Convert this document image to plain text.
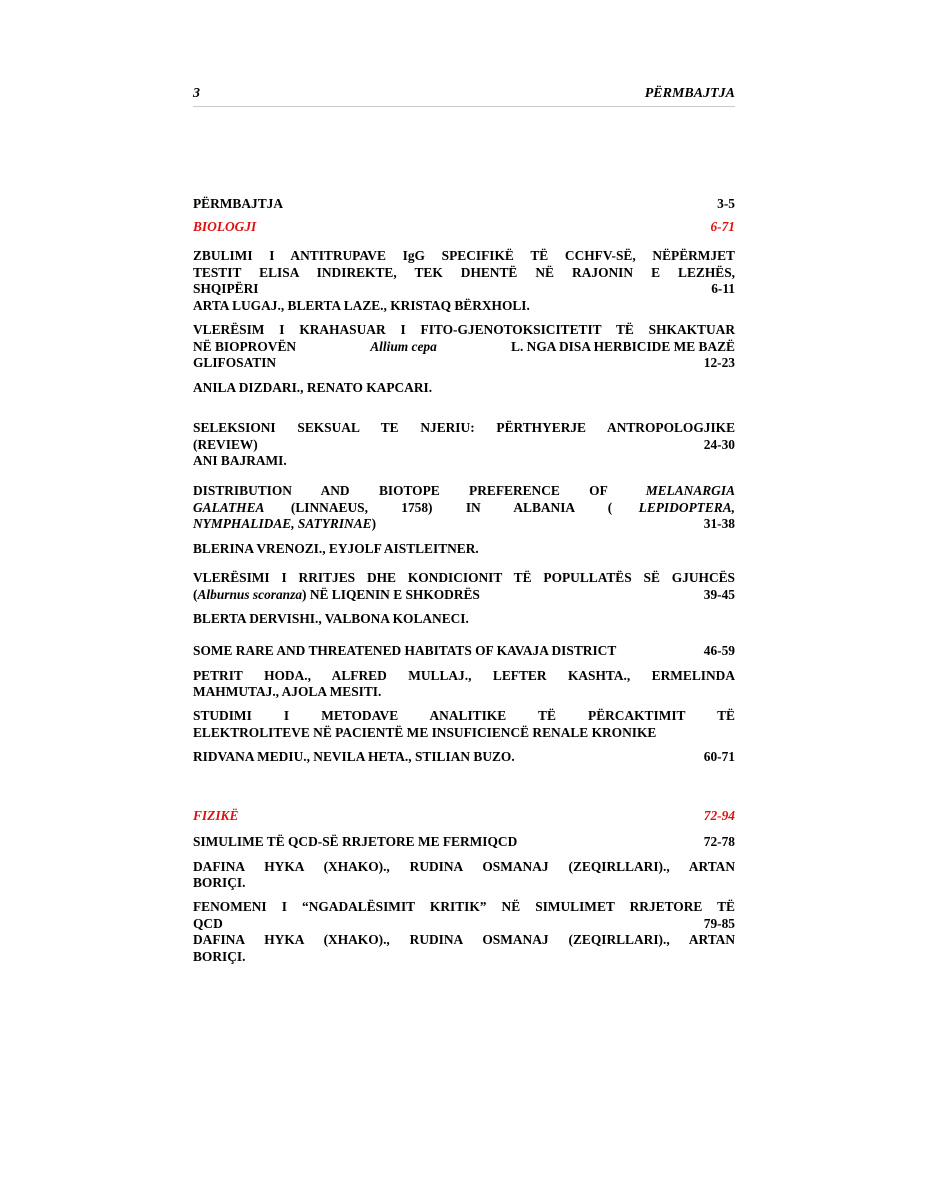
3	PËRMBAJTJA
PËRMBAJTJA	3-5
BIOLOGJI	6-71
ZBULIMI I ANTITRUPAVE IgG SPECIFIKË TË CCHFV-SË, NËPËRMJET
TESTIT ELISA INDIREKTE, TEK DHENTË NË RAJONIN E LEZHËS,
SHQIPËRI	6-11
ARTA LUGAJ., BLERTA LAZE., KRISTAQ BËRXHOLI.
VLERËSIM I KRAHASUAR I FITO-GJENOTOKSICITETIT TË SHKAKTUAR
NË BIOPROVËN	Allium cepa	L. NGA DISA HERBICIDE ME BAZË
GLIFOSATIN	12-23
ANILA DIZDARI., RENATO KAPCARI.
SELEKSIONI SEKSUAL TE NJERIU: PËRTHYERJE ANTROPOLOGJIKE
(REVIEW)	24-30
ANI BAJRAMI.
DISTRIBUTION AND BIOTOPE PREFERENCE OF	MELANARGIA
GALATHEA (LINNAEUS, 1758) IN ALBANIA ( LEPIDOPTERA,
NYMPHALIDAE, SATYRINAE)	31-38
BLERINA VRENOZI., EYJOLF AISTLEITNER.
VLERËSIMI I RRITJES DHE KONDICIONIT TË POPULLATËS SË GJUHCËS
(Alburnus scoranza) NË LIQENIN E SHKODRËS	39-45
BLERTA DERVISHI., VALBONA KOLANECI.
SOME RARE AND THREATENED HABITATS OF KAVAJA DISTRICT	46-59
PETRIT HODA., ALFRED MULLAJ., LEFTER KASHTA., ERMELINDA
MAHMUTAJ., AJOLA MESITI.
STUDIMI I METODAVE ANALITIKE TË PËRCAKTIMIT TË
ELEKTROLITEVE NË PACIENTË ME INSUFICIENCË RENALE KRONIKE
RIDVANA MEDIU., NEVILA HETA., STILIAN BUZO.	60-71
FIZIKË	72-94
SIMULIME TË QCD-SË RRJETORE ME FERMIQCD	72-78
DAFINA HYKA (XHAKO)., RUDINA OSMANAJ (ZEQIRLLARI)., ARTAN
BORIÇI.
FENOMENI I “NGADALËSIMIT KRITIK” NË SIMULIMET RRJETORE TË
QCD	79-85
DAFINA HYKA (XHAKO)., RUDINA OSMANAJ (ZEQIRLLARI)., ARTAN
BORIÇI.
